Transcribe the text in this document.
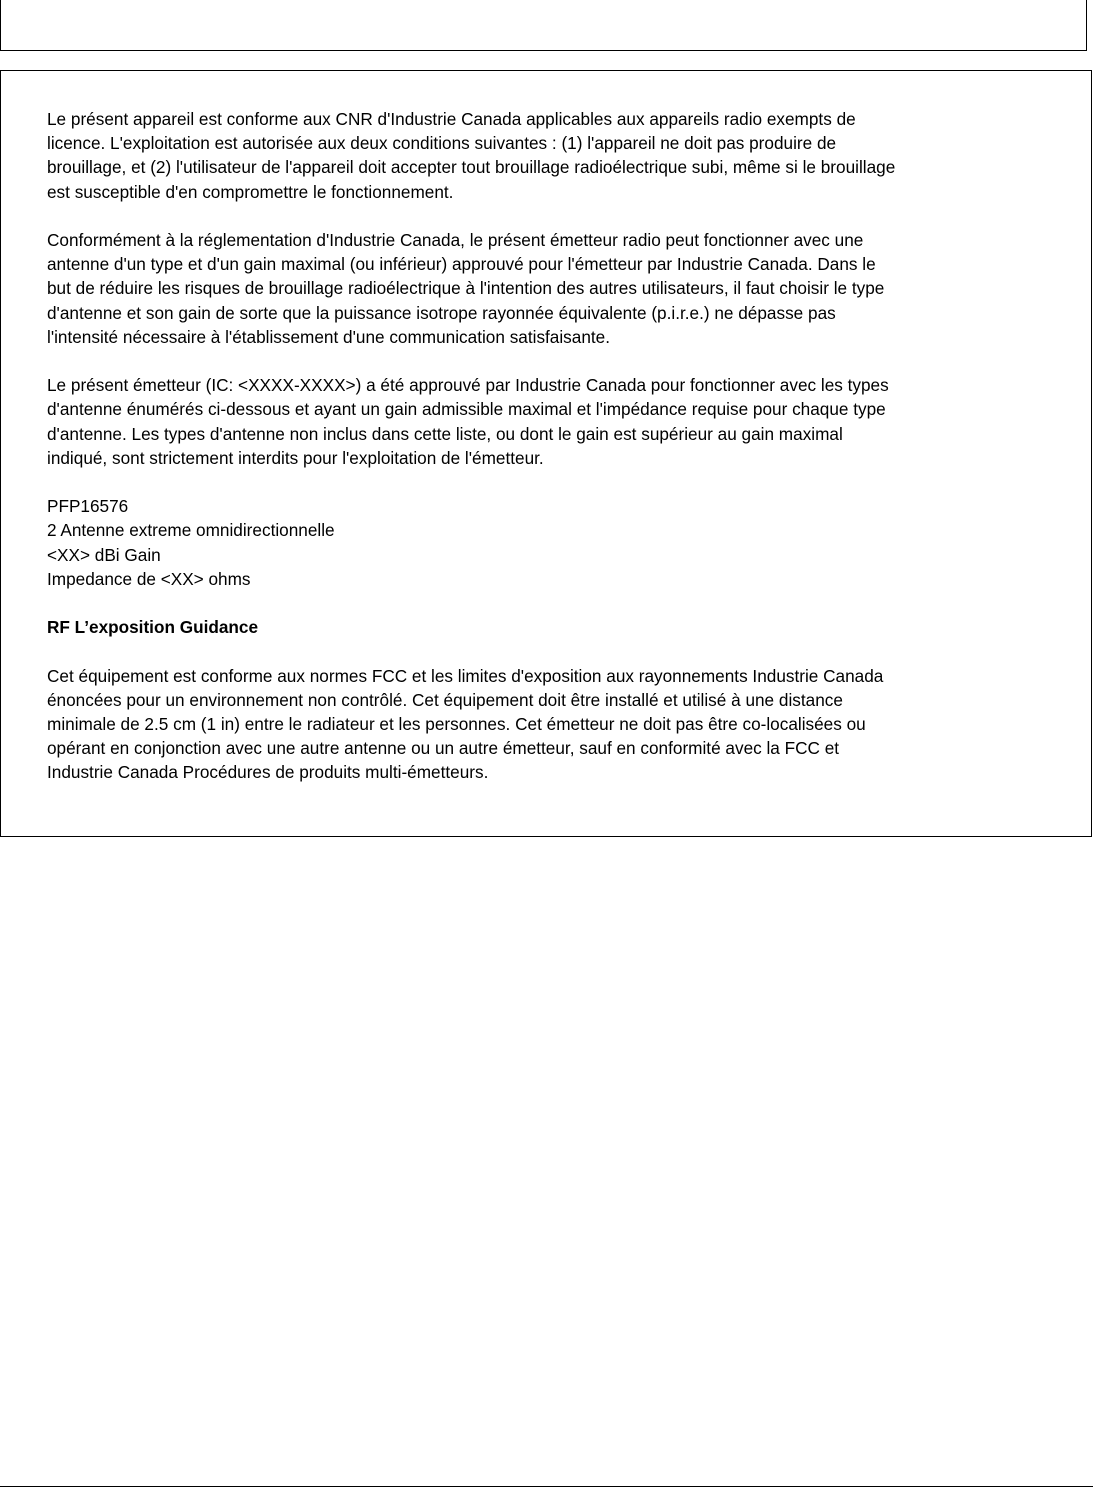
Le présent appareil est conforme aux CNR d'Industrie Canada applicables aux appareils radio exempts de
licence. L'exploitation est autorisée aux deux conditions suivantes : (1) l'appareil ne doit pas produire de
brouillage, et (2) l'utilisateur de l'appareil doit accepter tout brouillage radioélectrique subi, même si le brouillage
est susceptible d'en compromettre le fonctionnement.
Conformément à la réglementation d'Industrie Canada, le présent émetteur radio peut fonctionner avec une
antenne d'un type et d'un gain maximal (ou inférieur) approuvé pour l'émetteur par Industrie Canada. Dans le
but de réduire les risques de brouillage radioélectrique à l'intention des autres utilisateurs, il faut choisir le type
d'antenne et son gain de sorte que la puissance isotrope rayonnée équivalente (p.i.r.e.) ne dépasse pas
l'intensité nécessaire à l'établissement d'une communication satisfaisante.
Le présent émetteur (IC: <XXXX-XXXX>) a été approuvé par Industrie Canada pour fonctionner avec les types
d'antenne énumérés ci-dessous et ayant un gain admissible maximal et l'impédance requise pour chaque type
d'antenne. Les types d'antenne non inclus dans cette liste, ou dont le gain est supérieur au gain maximal
indiqué, sont strictement interdits pour l'exploitation de l'émetteur.
PFP16576
2 Antenne extreme omnidirectionnelle
<XX> dBi Gain
Impedance de <XX> ohms
RF L’exposition Guidance
Cet équipement est conforme aux normes FCC et les limites d'exposition aux rayonnements Industrie Canada
énoncées pour un environnement non contrôlé. Cet équipement doit être installé et utilisé à une distance
minimale de 2.5 cm (1 in) entre le radiateur et les personnes. Cet émetteur ne doit pas être co-localisées ou
opérant en conjonction avec une autre antenne ou un autre émetteur, sauf en conformité avec la FCC et
Industrie Canada Procédures de produits multi-émetteurs.
